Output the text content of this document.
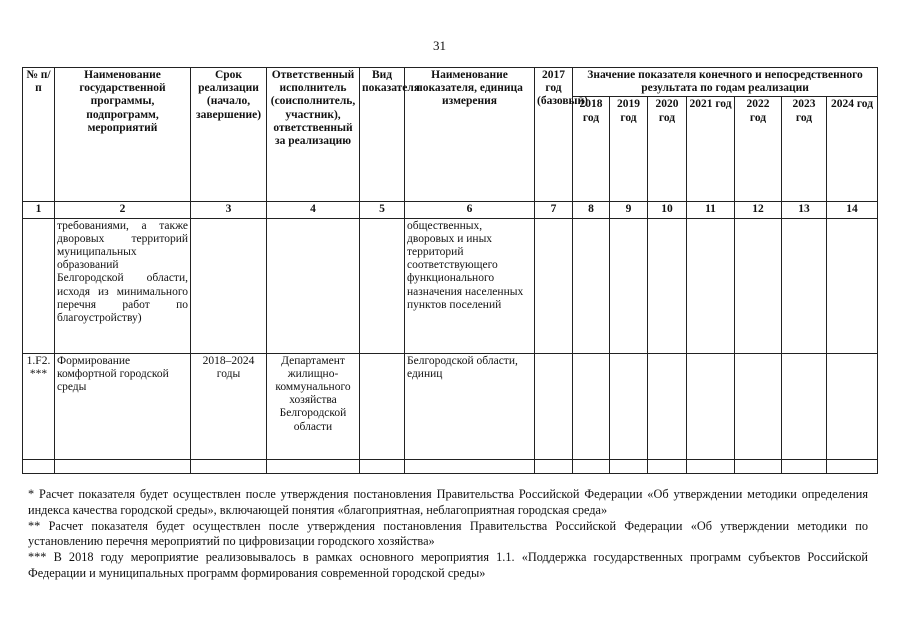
31
№ п/п	Наименование государственной программы, подпрограмм, мероприятий	Срок реализации (начало, завершение)	Ответственный исполнитель (соисполнитель, участник), ответственный за реализацию	Вид показателя	Наименование показателя, единица измерения	2017 год (базовый)	Значение показателя конечного и непосредственного результата по годам реализации						
							2018 год	2019 год	2020 год	2021 год	2022 год	2023 год	2024 год
1	2	3	4	5	6	7	8	9	10	11	12	13	14
	требованиями, а также дворовых территорий муниципальных образований Белгородской области, исходя из минимального перечня работ по благоустройству)				общественных, дворовых и иных территорий соответствующего функционального назначения населенных пунктов поселений								
1.F2. ***	Формирование комфортной городской среды	2018–2024 годы	Департамент жилищно-коммунального хозяйства Белгородской области		Белгородской области, единиц								

* Расчет показателя будет осуществлен после утверждения постановления Правительства Российской Федерации «Об утверждении методики определения индекса качества городской среды», включающей понятия «благоприятная, неблагоприятная городская среда»

** Расчет показателя будет осуществлен после утверждения постановления Правительства Российской Федерации «Об утверждении методики по установлению перечня мероприятий по цифровизации городского хозяйства»

*** В 2018 году мероприятие реализовывалось в рамках основного мероприятия 1.1. «Поддержка государственных программ субъектов Российской Федерации и муниципальных программ формирования современной городской среды»
